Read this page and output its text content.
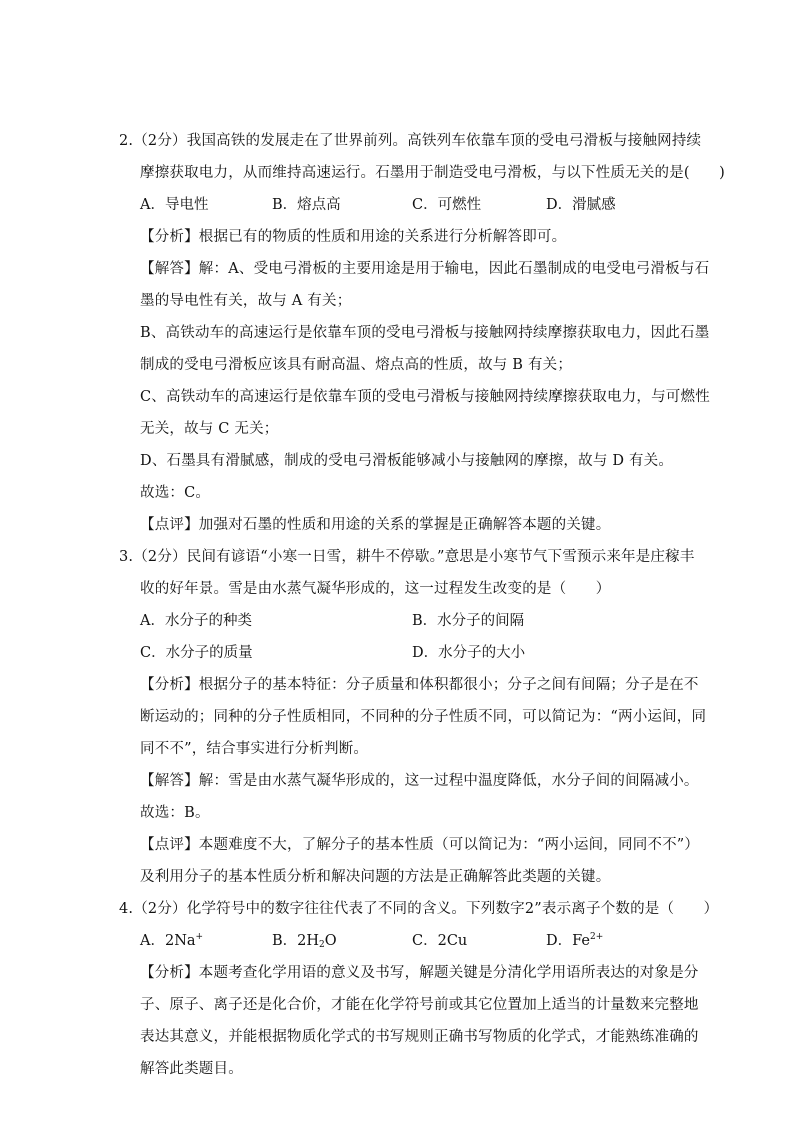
2.（2分）我国高铁的发展走在了世界前列。高铁列车依靠车顶的受电弓滑板与接触网持续
摩擦获取电力，从而维持高速运行。石墨用于制造受电弓滑板，与以下性质无关的是(　　)
A．导电性	B．熔点高	C．可燃性	D．滑腻感
【分析】根据已有的物质的性质和用途的关系进行分析解答即可。
【解答】解：A、受电弓滑板的主要用途是用于输电，因此石墨制成的电受电弓滑板与石
墨的导电性有关，故与 A 有关；
B、高铁动车的高速运行是依靠车顶的受电弓滑板与接触网持续摩擦获取电力，因此石墨
制成的受电弓滑板应该具有耐高温、熔点高的性质，故与 B 有关；
C、高铁动车的高速运行是依靠车顶的受电弓滑板与接触网持续摩擦获取电力，与可燃性
无关，故与 C 无关；
D、石墨具有滑腻感，制成的受电弓滑板能够减小与接触网的摩擦，故与 D 有关。
故选：C。
【点评】加强对石墨的性质和用途的关系的掌握是正确解答本题的关键。
3.（2分）民间有谚语“小寒一日雪，耕牛不停歇。”意思是小寒节气下雪预示来年是庄稼丰
收的好年景。雪是由水蒸气凝华形成的，这一过程发生改变的是（　　）
A．水分子的种类	B．水分子的间隔
C．水分子的质量	D．水分子的大小
【分析】根据分子的基本特征：分子质量和体积都很小；分子之间有间隔；分子是在不
断运动的；同种的分子性质相同，不同种的分子性质不同，可以简记为：“两小运间，同
同不不”，结合事实进行分析判断。
【解答】解：雪是由水蒸气凝华形成的，这一过程中温度降低，水分子间的间隔减小。
故选：B。
【点评】本题难度不大，了解分子的基本性质（可以简记为：“两小运间，同同不不”）
及利用分子的基本性质分析和解决问题的方法是正确解答此类题的关键。
4.（2分）化学符号中的数字往往代表了不同的含义。下列数字2”表示离子个数的是（　　）
A．2Na+	B．$2H_2O$	C．2Cu	D．$Fe^{2+}$
【分析】本题考查化学用语的意义及书写，解题关键是分清化学用语所表达的对象是分
子、原子、离子还是化合价，才能在化学符号前或其它位置加上适当的计量数来完整地
表达其意义，并能根据物质化学式的书写规则正确书写物质的化学式，才能熟练准确的
解答此类题目。
